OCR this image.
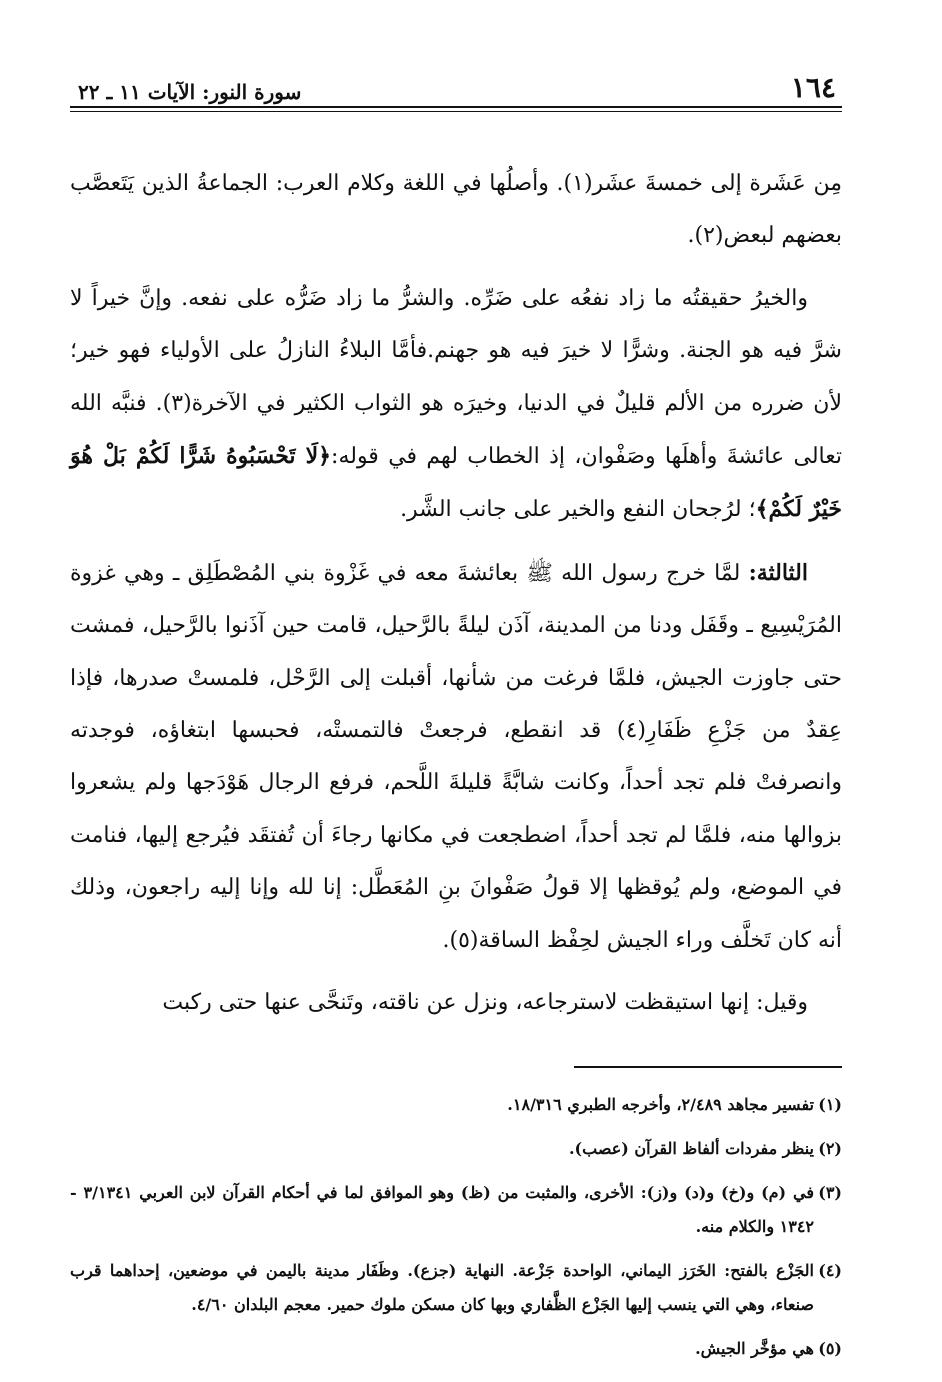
١٦٤
سورة النور: الآيات ١١ ـ ٢٢

مِن عَشَرة إلى خمسةَ عشَر(١). وأصلُها في اللغة وكلام العرب: الجماعةُ الذين يَتَعصَّب بعضهم لبعض(٢).

والخيرُ حقيقتُه ما زاد نفعُه على ضَرِّه. والشرُّ ما زاد ضَرُّه على نفعه. وإنَّ خيراً لا شرَّ فيه هو الجنة. وشرًّا لا خيرَ فيه هو جهنم.فأمَّا البلاءُ النازلُ على الأولياء فهو خير؛ لأن ضرره من الألم قليلٌ في الدنيا، وخيرَه هو الثواب الكثير في الآخرة(٣). فنبَّه الله تعالى عائشةَ وأهلَها وصَفْوان، إذ الخطاب لهم في قوله:﴿لَا تَحْسَبُوهُ شَرًّا لَكُمْ بَلْ هُوَ خَيْرٌ لَكُمْ﴾؛ لرُجحان النفع والخير على جانب الشَّر.

الثالثة: لمَّا خرج رسول الله ﷺ بعائشةَ معه في غَزْوة بني المُصْطَلِق ـ وهي غزوة المُرَيْسِيع ـ وقَفَل ودنا من المدينة، آذَن ليلةً بالرَّحيل، قامت حين آذَنوا بالرَّحيل، فمشت حتى جاوزت الجيش، فلمَّا فرغت من شأنها، أقبلت إلى الرَّحْل، فلمستْ صدرها، فإذا عِقدٌ من جَزْعِ ظَفَارِ(٤) قد انقطع، فرجعتْ فالتمستْه، فحبسها ابتغاؤه، فوجدته وانصرفتْ فلم تجد أحداً، وكانت شابَّةً قليلةَ اللَّحم، فرفع الرجال هَوْدَجها ولم يشعروا بزوالها منه، فلمَّا لم تجد أحداً، اضطجعت في مكانها رجاءَ أن تُفتقَد فيُرجع إليها، فنامت في الموضع، ولم يُوقظها إلا قولُ صَفْوانَ بنِ المُعَطَّل: إنا لله وإنا إليه راجعون، وذلك أنه كان تَخلَّف وراء الجيش لحِفْظ الساقة(٥).

وقيل: إنها استيقظت لاسترجاعه، ونزل عن ناقته، وتَنحَّى عنها حتى ركبت

(١)
تفسير مجاهد ٢/٤٨٩، وأخرجه الطبري ١٨/٣١٦.
(٢)
ينظر مفردات ألفاظ القرآن (عصب).
(٣)
في (م) و(خ) و(د) و(ز): الأخرى، والمثبت من (ظ) وهو الموافق لما في أحكام القرآن لابن العربي ٣/١٣٤١ - ١٣٤٢ والكلام منه.
(٤)
الجَزْع بالفتح: الخَرَز اليماني، الواحدة جَزْعة. النهاية (جزع). وظَفَار مدينة باليمن في موضعين، إحداهما قرب صنعاء، وهي التي ينسب إليها الجَزْع الظَّفاري وبها كان مسكن ملوك حمير. معجم البلدان ٤/٦٠.
(٥)
هي مؤخَّر الجيش.
